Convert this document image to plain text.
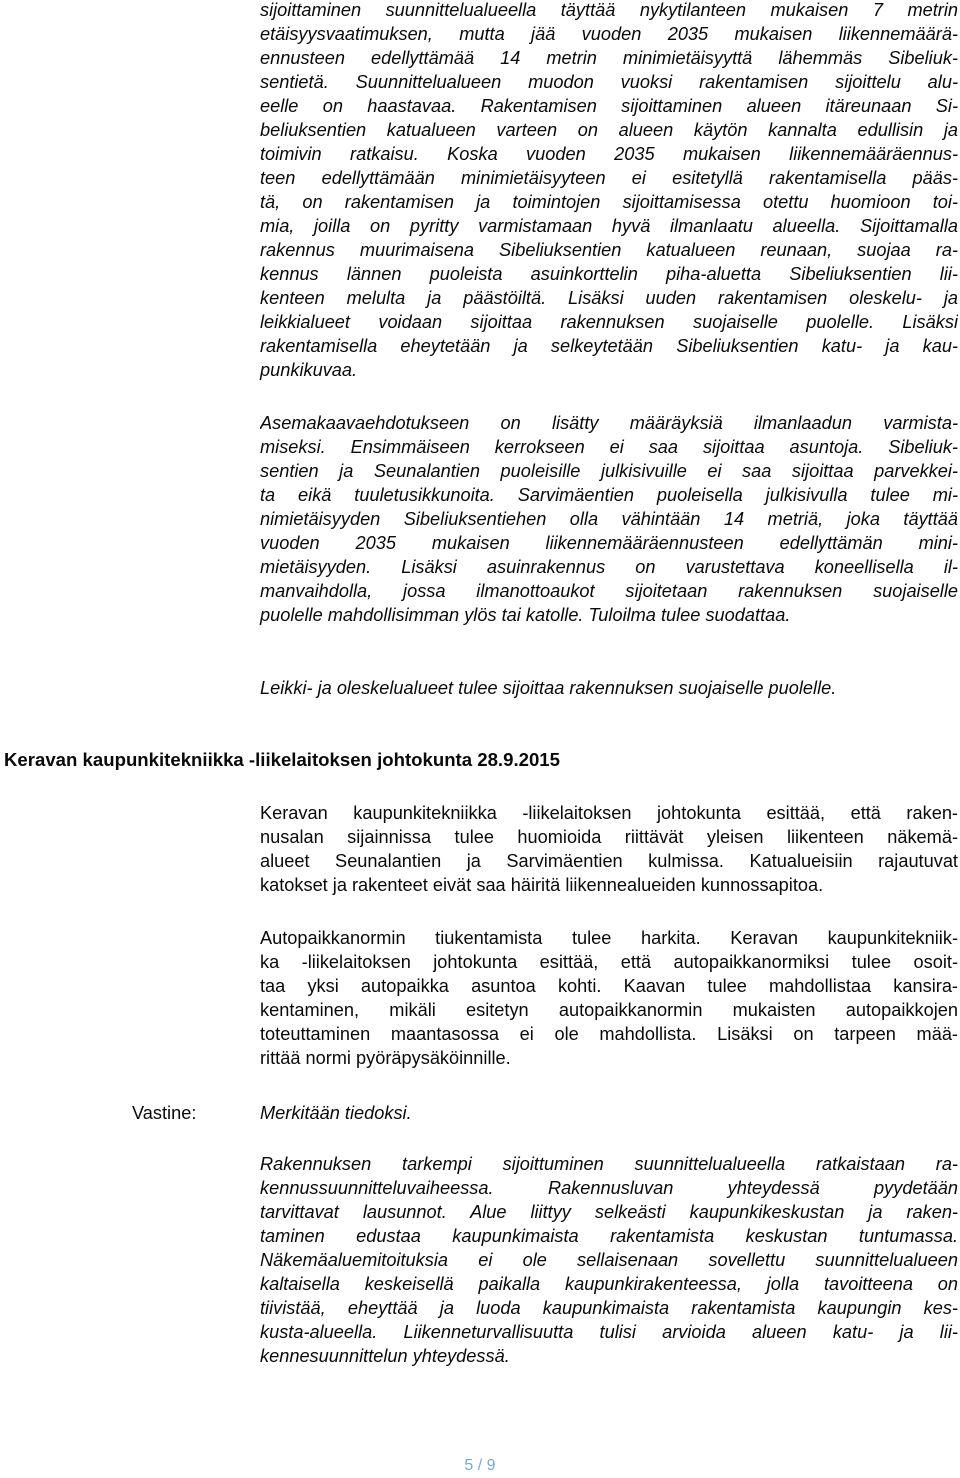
sijoittaminen suunnittelualueella täyttää nykytilanteen mukaisen 7 metrin
etäisyysvaatimuksen, mutta jää vuoden 2035 mukaisen liikennemäärä-
ennusteen edellyttämää 14 metrin minimietäisyyttä lähemmäs Sibeliuk-
sentietä. Suunnittelualueen muodon vuoksi rakentamisen sijoittelu alu-
eelle on haastavaa. Rakentamisen sijoittaminen alueen itäreunaan Si-
beliuksentien katualueen varteen on alueen käytön kannalta edullisin ja
toimivin ratkaisu. Koska vuoden 2035 mukaisen liikennemääräennus-
teen edellyttämään minimietäisyyteen ei esitetyllä rakentamisella pääs-
tä, on rakentamisen ja toimintojen sijoittamisessa otettu huomioon toi-
mia, joilla on pyritty varmistamaan hyvä ilmanlaatu alueella. Sijoittamalla
rakennus muurimaisena Sibeliuksentien katualueen reunaan, suojaa ra-
kennus lännen puoleista asuinkorttelin piha-aluetta Sibeliuksentien lii-
kenteen melulta ja päästöiltä. Lisäksi uuden rakentamisen oleskelu- ja
leikkialueet voidaan sijoittaa rakennuksen suojaiselle puolelle. Lisäksi
rakentamisella eheytetään ja selkeytetään Sibeliuksentien katu- ja kau-
punkikuvaa.
Asemakaavaehdotukseen on lisätty määräyksiä ilmanlaadun varmista-
miseksi. Ensimmäiseen kerrokseen ei saa sijoittaa asuntoja. Sibeliuk-
sentien ja Seunalantien puoleisille julkisivuille ei saa sijoittaa parvekkei-
ta eikä tuuletusikkunoita. Sarvimäentien puoleisella julkisivulla tulee mi-
nimietäisyyden Sibeliuksentiehen olla vähintään 14 metriä, joka täyttää
vuoden 2035 mukaisen liikennemääräennusteen edellyttämän mini-
mietäisyyden. Lisäksi asuinrakennus on varustettava koneellisella il-
manvaihdolla, jossa ilmanottoaukot sijoitetaan rakennuksen suojaiselle
puolelle mahdollisimman ylös tai katolle. Tuloilma tulee suodattaa.
Leikki- ja oleskelualueet tulee sijoittaa rakennuksen suojaiselle puolelle.
Keravan kaupunkitekniikka -liikelaitoksen johtokunta 28.9.2015
Keravan kaupunkitekniikka -liikelaitoksen johtokunta esittää, että raken-
nusalan sijainnissa tulee huomioida riittävät yleisen liikenteen näkemä-
alueet Seunalantien ja Sarvimäentien kulmissa. Katualueisiin rajautuvat
katokset ja rakenteet eivät saa häiritä liikennealueiden kunnossapitoa.
Autopaikkanormin tiukentamista tulee harkita. Keravan kaupunkitekniik-
ka -liikelaitoksen johtokunta esittää, että autopaikkanormiksi tulee osoit-
taa yksi autopaikka asuntoa kohti. Kaavan tulee mahdollistaa kansira-
kentaminen, mikäli esitetyn autopaikkanormin mukaisten autopaikkojen
toteuttaminen maantasossa ei ole mahdollista. Lisäksi on tarpeen mää-
rittää normi pyöräpysäköinnille.
Vastine:	Merkitään tiedoksi.
Rakennuksen tarkempi sijoittuminen suunnittelualueella ratkaistaan ra-
kennussuunnitteluvaiheessa. Rakennusluvan yhteydessä pyydetään
tarvittavat lausunnot. Alue liittyy selkeästi kaupunkikeskustan ja raken-
taminen edustaa kaupunkimaista rakentamista keskustan tuntumassa.
Näkemäaluemitoituksia ei ole sellaisenaan sovellettu suunnittelualueen
kaltaisella keskeisellä paikalla kaupunkirakenteessa, jolla tavoitteena on
tiivistää, eheyttää ja luoda kaupunkimaista rakentamista kaupungin kes-
kusta-alueella. Liikenneturvallisuutta tulisi arvioida alueen katu- ja lii-
kennesuunnittelun yhteydessä.
5 / 9
